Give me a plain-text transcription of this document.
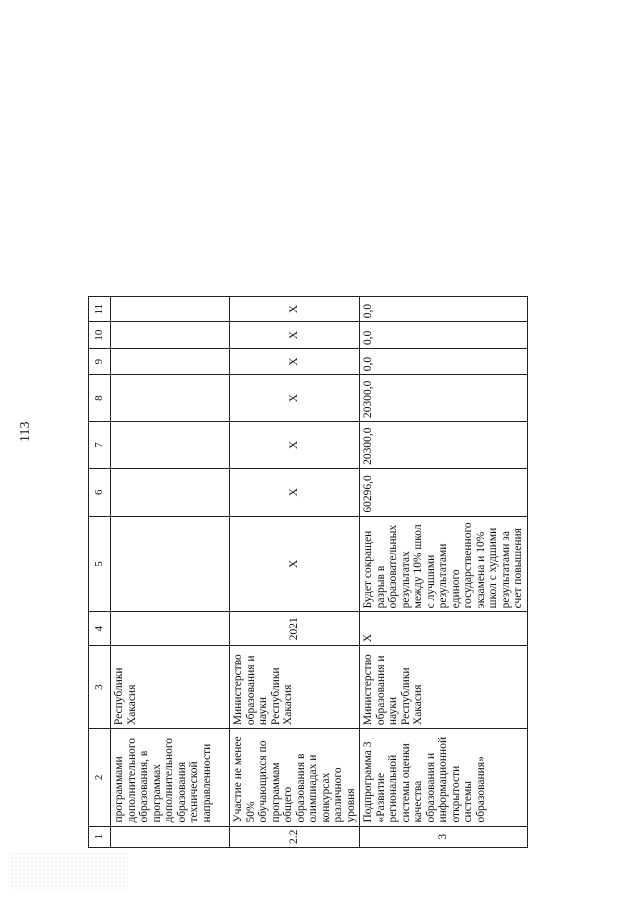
113
1	2	3	4	5	6	7	8	9	10	11
	программами дополнительного образования, в программах дополнительного образования технической направленности	Республики Хакасия								
2.2	Участие не менее 50% обучающихся по программам общего образования в олимпиадах и конкурсах различного уровня	Министерство образования и науки Республики Хакасия	2021	X	X	X	X	X	X	X
3	Подпрограмма 3 «Развитие региональной системы оценки качества образования и информационной открытости системы образования»	Министерство образования и науки Республики Хакасия	X	Будет сокращен разрыв в образовательных результатах между 10% школ с лучшими результатами единого государственного экзамена и 10% школ с худшими результатами за счет повышения	60296,0	20300,0	20300,0	0,0	0,0	0,0
